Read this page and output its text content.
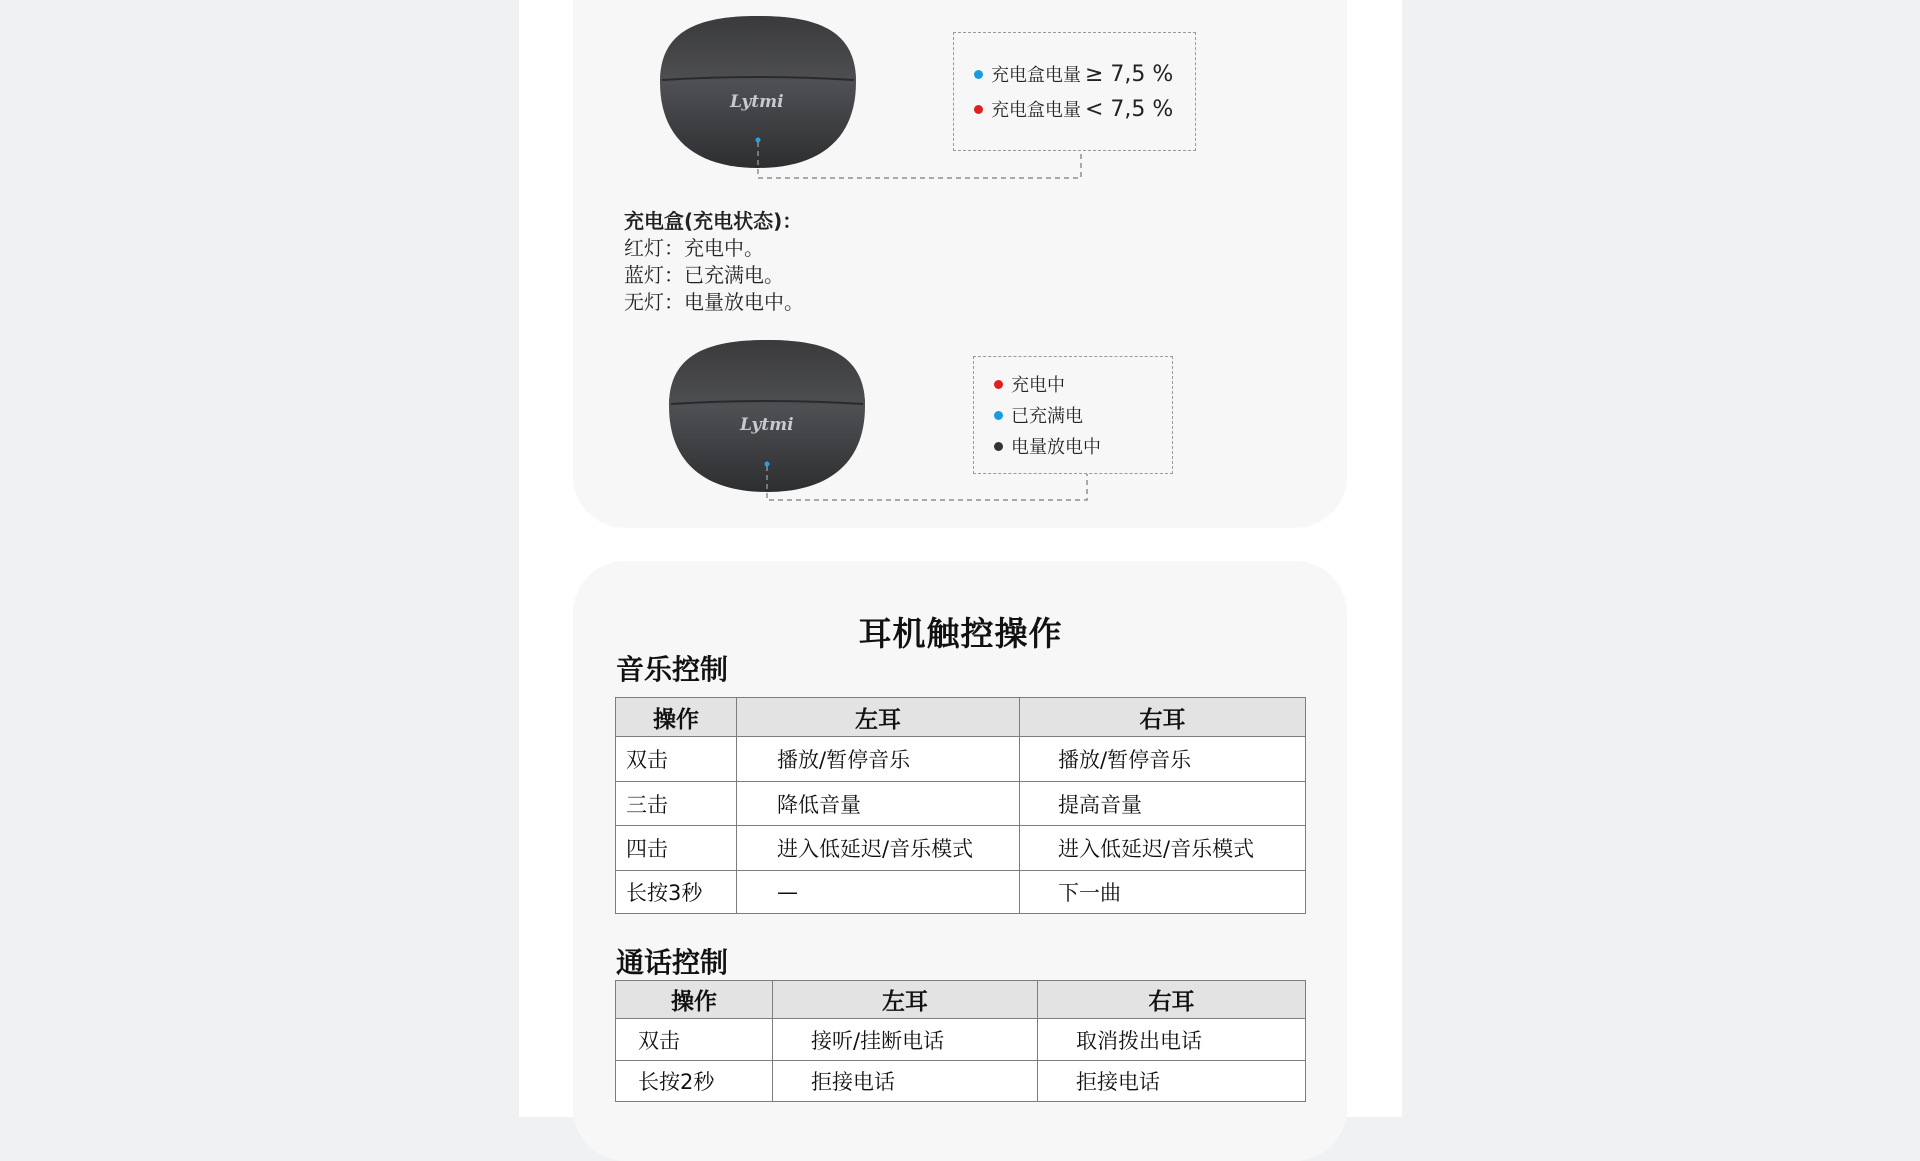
Lytmi
充电盒电量 ≥ 7,5 %
充电盒电量 < 7,5 %
充电盒(充电状态)：
红灯：充电中。
蓝灯：已充满电。
无灯：电量放电中。
Lytmi
充电中
已充满电
电量放电中
耳机触控操作
音乐控制
操作	左耳	右耳
双击	播放/暂停音乐	播放/暂停音乐
三击	降低音量	提高音量
四击	进入低延迟/音乐模式	进入低延迟/音乐模式
长按3秒	—	下一曲
通话控制
操作	左耳	右耳
双击	接听/挂断电话	取消拨出电话
长按2秒	拒接电话	拒接电话
